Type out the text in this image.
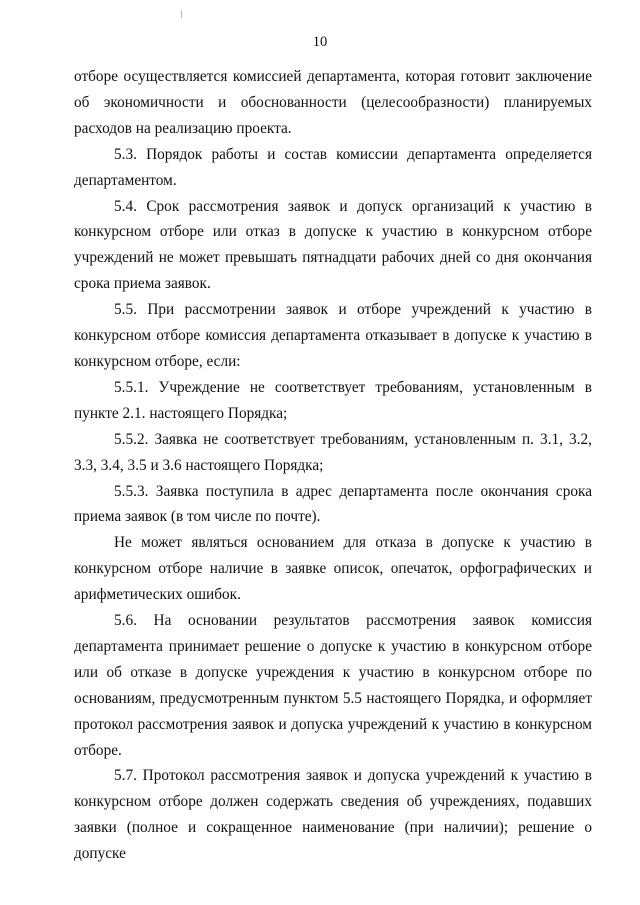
10

отборе осуществляется комиссией департамента, которая готовит заключение об экономичности и обоснованности (целесообразности) планируемых расходов на реализацию проекта.

5.3. Порядок работы и состав комиссии департамента определяется департаментом.

5.4. Срок рассмотрения заявок и допуск организаций к участию в конкурсном отборе или отказ в допуске к участию в конкурсном отборе учреждений не может превышать пятнадцати рабочих дней со дня окончания срока приема заявок.

5.5. При рассмотрении заявок и отборе учреждений к участию в конкурсном отборе комиссия департамента отказывает в допуске к участию в конкурсном отборе, если:

5.5.1. Учреждение не соответствует требованиям, установленным в пункте 2.1. настоящего Порядка;

5.5.2. Заявка не соответствует требованиям, установленным п. 3.1, 3.2, 3.3, 3.4, 3.5 и 3.6 настоящего Порядка;

5.5.3. Заявка поступила в адрес департамента после окончания срока приема заявок (в том числе по почте).

Не может являться основанием для отказа в допуске к участию в конкурсном отборе наличие в заявке описок, опечаток, орфографических и арифметических ошибок.

5.6. На основании результатов рассмотрения заявок комиссия департамента принимает решение о допуске к участию в конкурсном отборе или об отказе в допуске учреждения к участию в конкурсном отборе по основаниям, предусмотренным пунктом 5.5 настоящего Порядка, и оформляет протокол рассмотрения заявок и допуска учреждений к участию в конкурсном отборе.

5.7. Протокол рассмотрения заявок и допуска учреждений к участию в конкурсном отборе должен содержать сведения об учреждениях, подавших заявки (полное и сокращенное наименование (при наличии); решение о допуске
